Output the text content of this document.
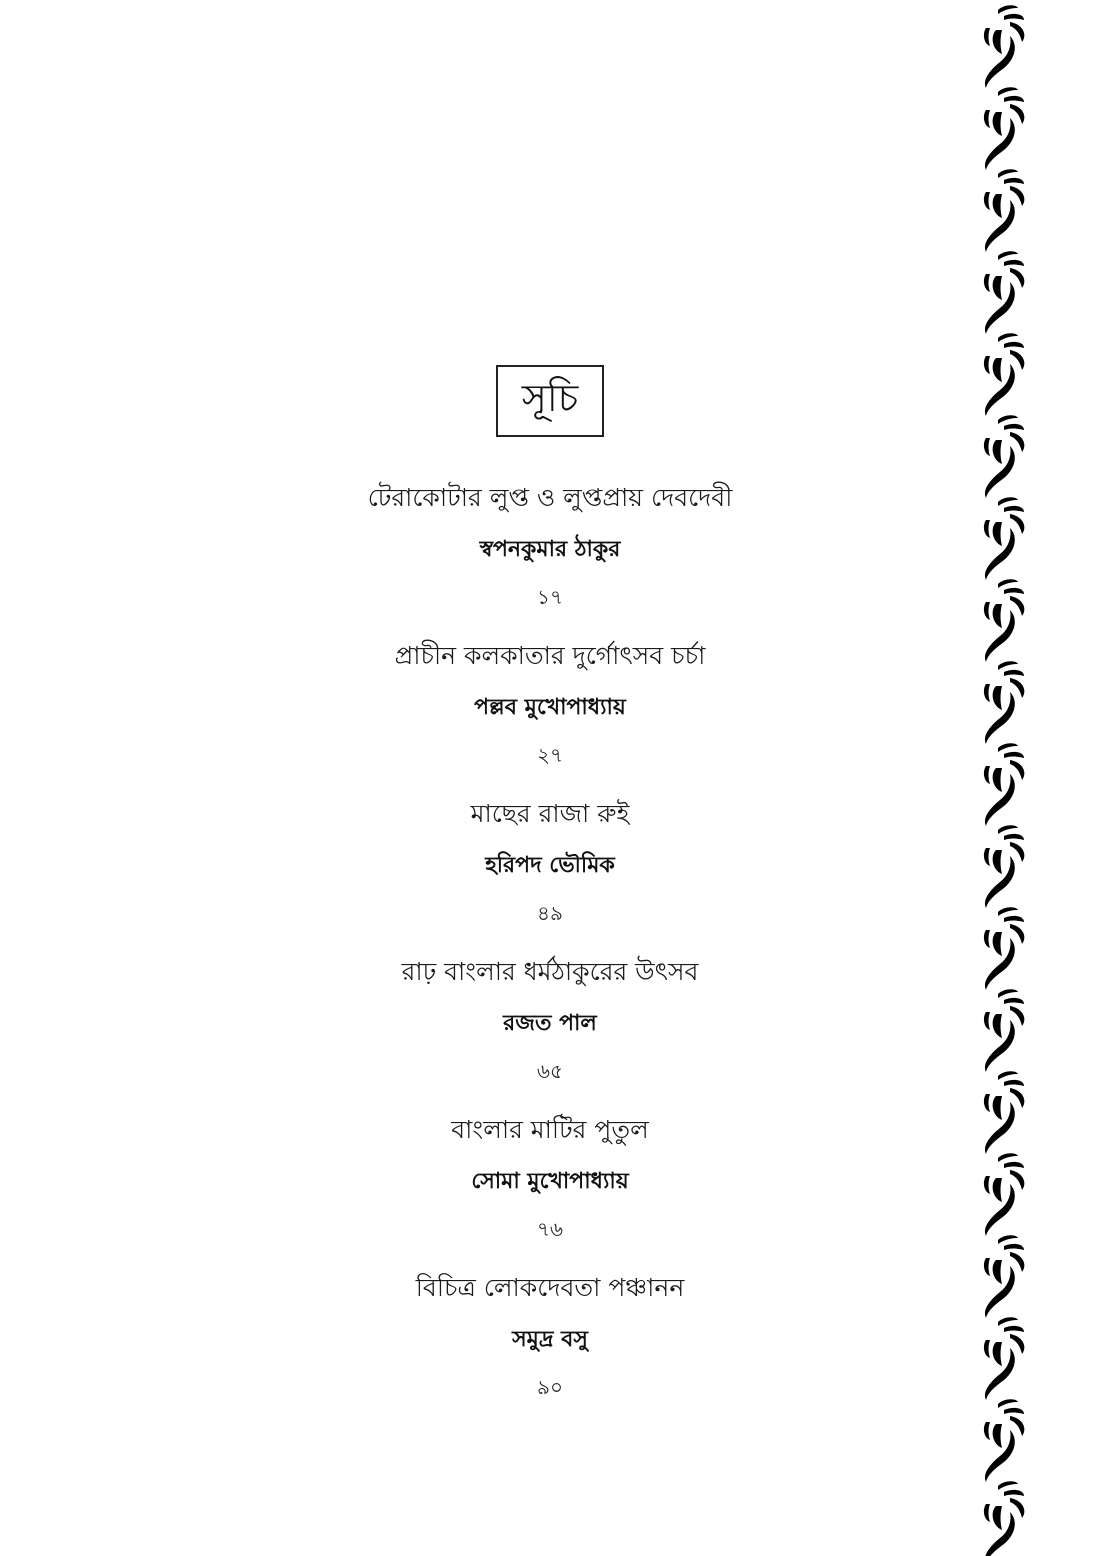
সূচি
টেরাকোটার লুপ্ত ও লুপ্তপ্রায় দেবদেবী
স্বপনকুমার ঠাকুর
১৭
প্রাচীন কলকাতার দুর্গোৎসব চর্চা
পল্লব মুখোপাধ্যায়
২৭
মাছের রাজা রুই
হরিপদ ভৌমিক
৪৯
রাঢ় বাংলার ধর্মঠাকুরের উৎসব
রজত পাল
৬৫
বাংলার মাটির পুতুল
সোমা মুখোপাধ্যায়
৭৬
বিচিত্র লোকদেবতা পঞ্চানন
সমুদ্র বসু
৯০
